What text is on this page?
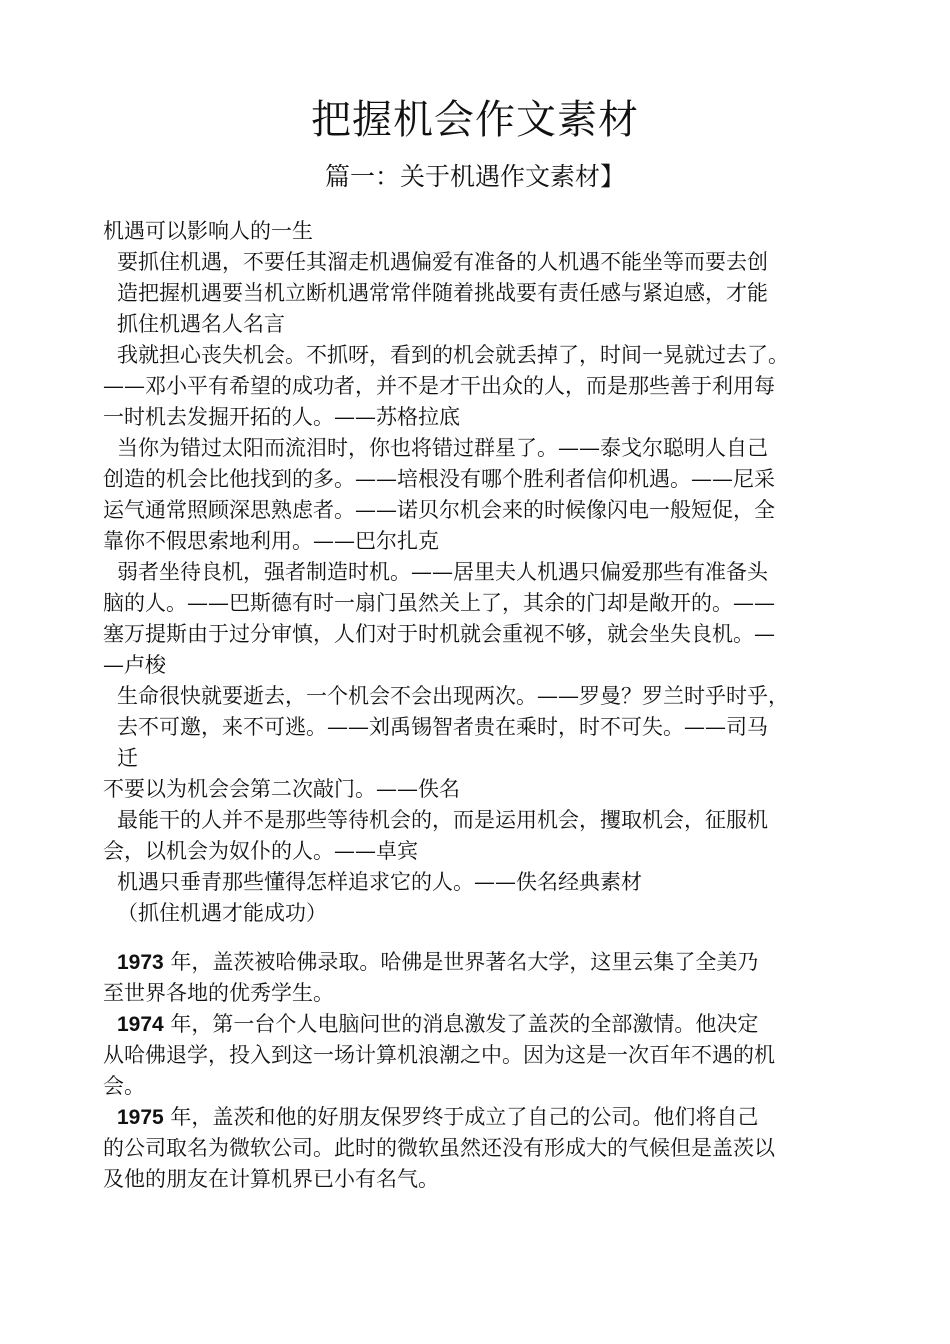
把握机会作文素材
篇一：关于机遇作文素材】
机遇可以影响人的一生
要抓住机遇，不要任其溜走机遇偏爱有准备的人机遇不能坐等而要去创
造把握机遇要当机立断机遇常常伴随着挑战要有责任感与紧迫感，才能
抓住机遇名人名言
我就担心丧失机会。不抓呀，看到的机会就丢掉了，时间一晃就过去了。
——邓小平有希望的成功者，并不是才干出众的人，而是那些善于利用每
一时机去发掘开拓的人。——苏格拉底
当你为错过太阳而流泪时，你也将错过群星了。——泰戈尔聪明人自己
创造的机会比他找到的多。——培根没有哪个胜利者信仰机遇。——尼采
运气通常照顾深思熟虑者。——诺贝尔机会来的时候像闪电一般短促，全
靠你不假思索地利用。——巴尔扎克
弱者坐待良机，强者制造时机。——居里夫人机遇只偏爱那些有准备头
脑的人。——巴斯德有时一扇门虽然关上了，其余的门却是敞开的。——
塞万提斯由于过分审慎，人们对于时机就会重视不够，就会坐失良机。—
—卢梭
生命很快就要逝去，一个机会不会出现两次。——罗曼？罗兰时乎时乎，
去不可邀，来不可逃。——刘禹锡智者贵在乘时，时不可失。——司马
迁
不要以为机会会第二次敲门。——佚名
最能干的人并不是那些等待机会的，而是运用机会，攫取机会，征服机
会，以机会为奴仆的人。——卓宾
机遇只垂青那些懂得怎样追求它的人。——佚名经典素材
（抓住机遇才能成功）
1973 年，盖茨被哈佛录取。哈佛是世界著名大学，这里云集了全美乃
至世界各地的优秀学生。
1974 年，第一台个人电脑问世的消息激发了盖茨的全部激情。他决定
从哈佛退学，投入到这一场计算机浪潮之中。因为这是一次百年不遇的机
会。
1975 年，盖茨和他的好朋友保罗终于成立了自己的公司。他们将自己
的公司取名为微软公司。此时的微软虽然还没有形成大的气候但是盖茨以
及他的朋友在计算机界已小有名气。
